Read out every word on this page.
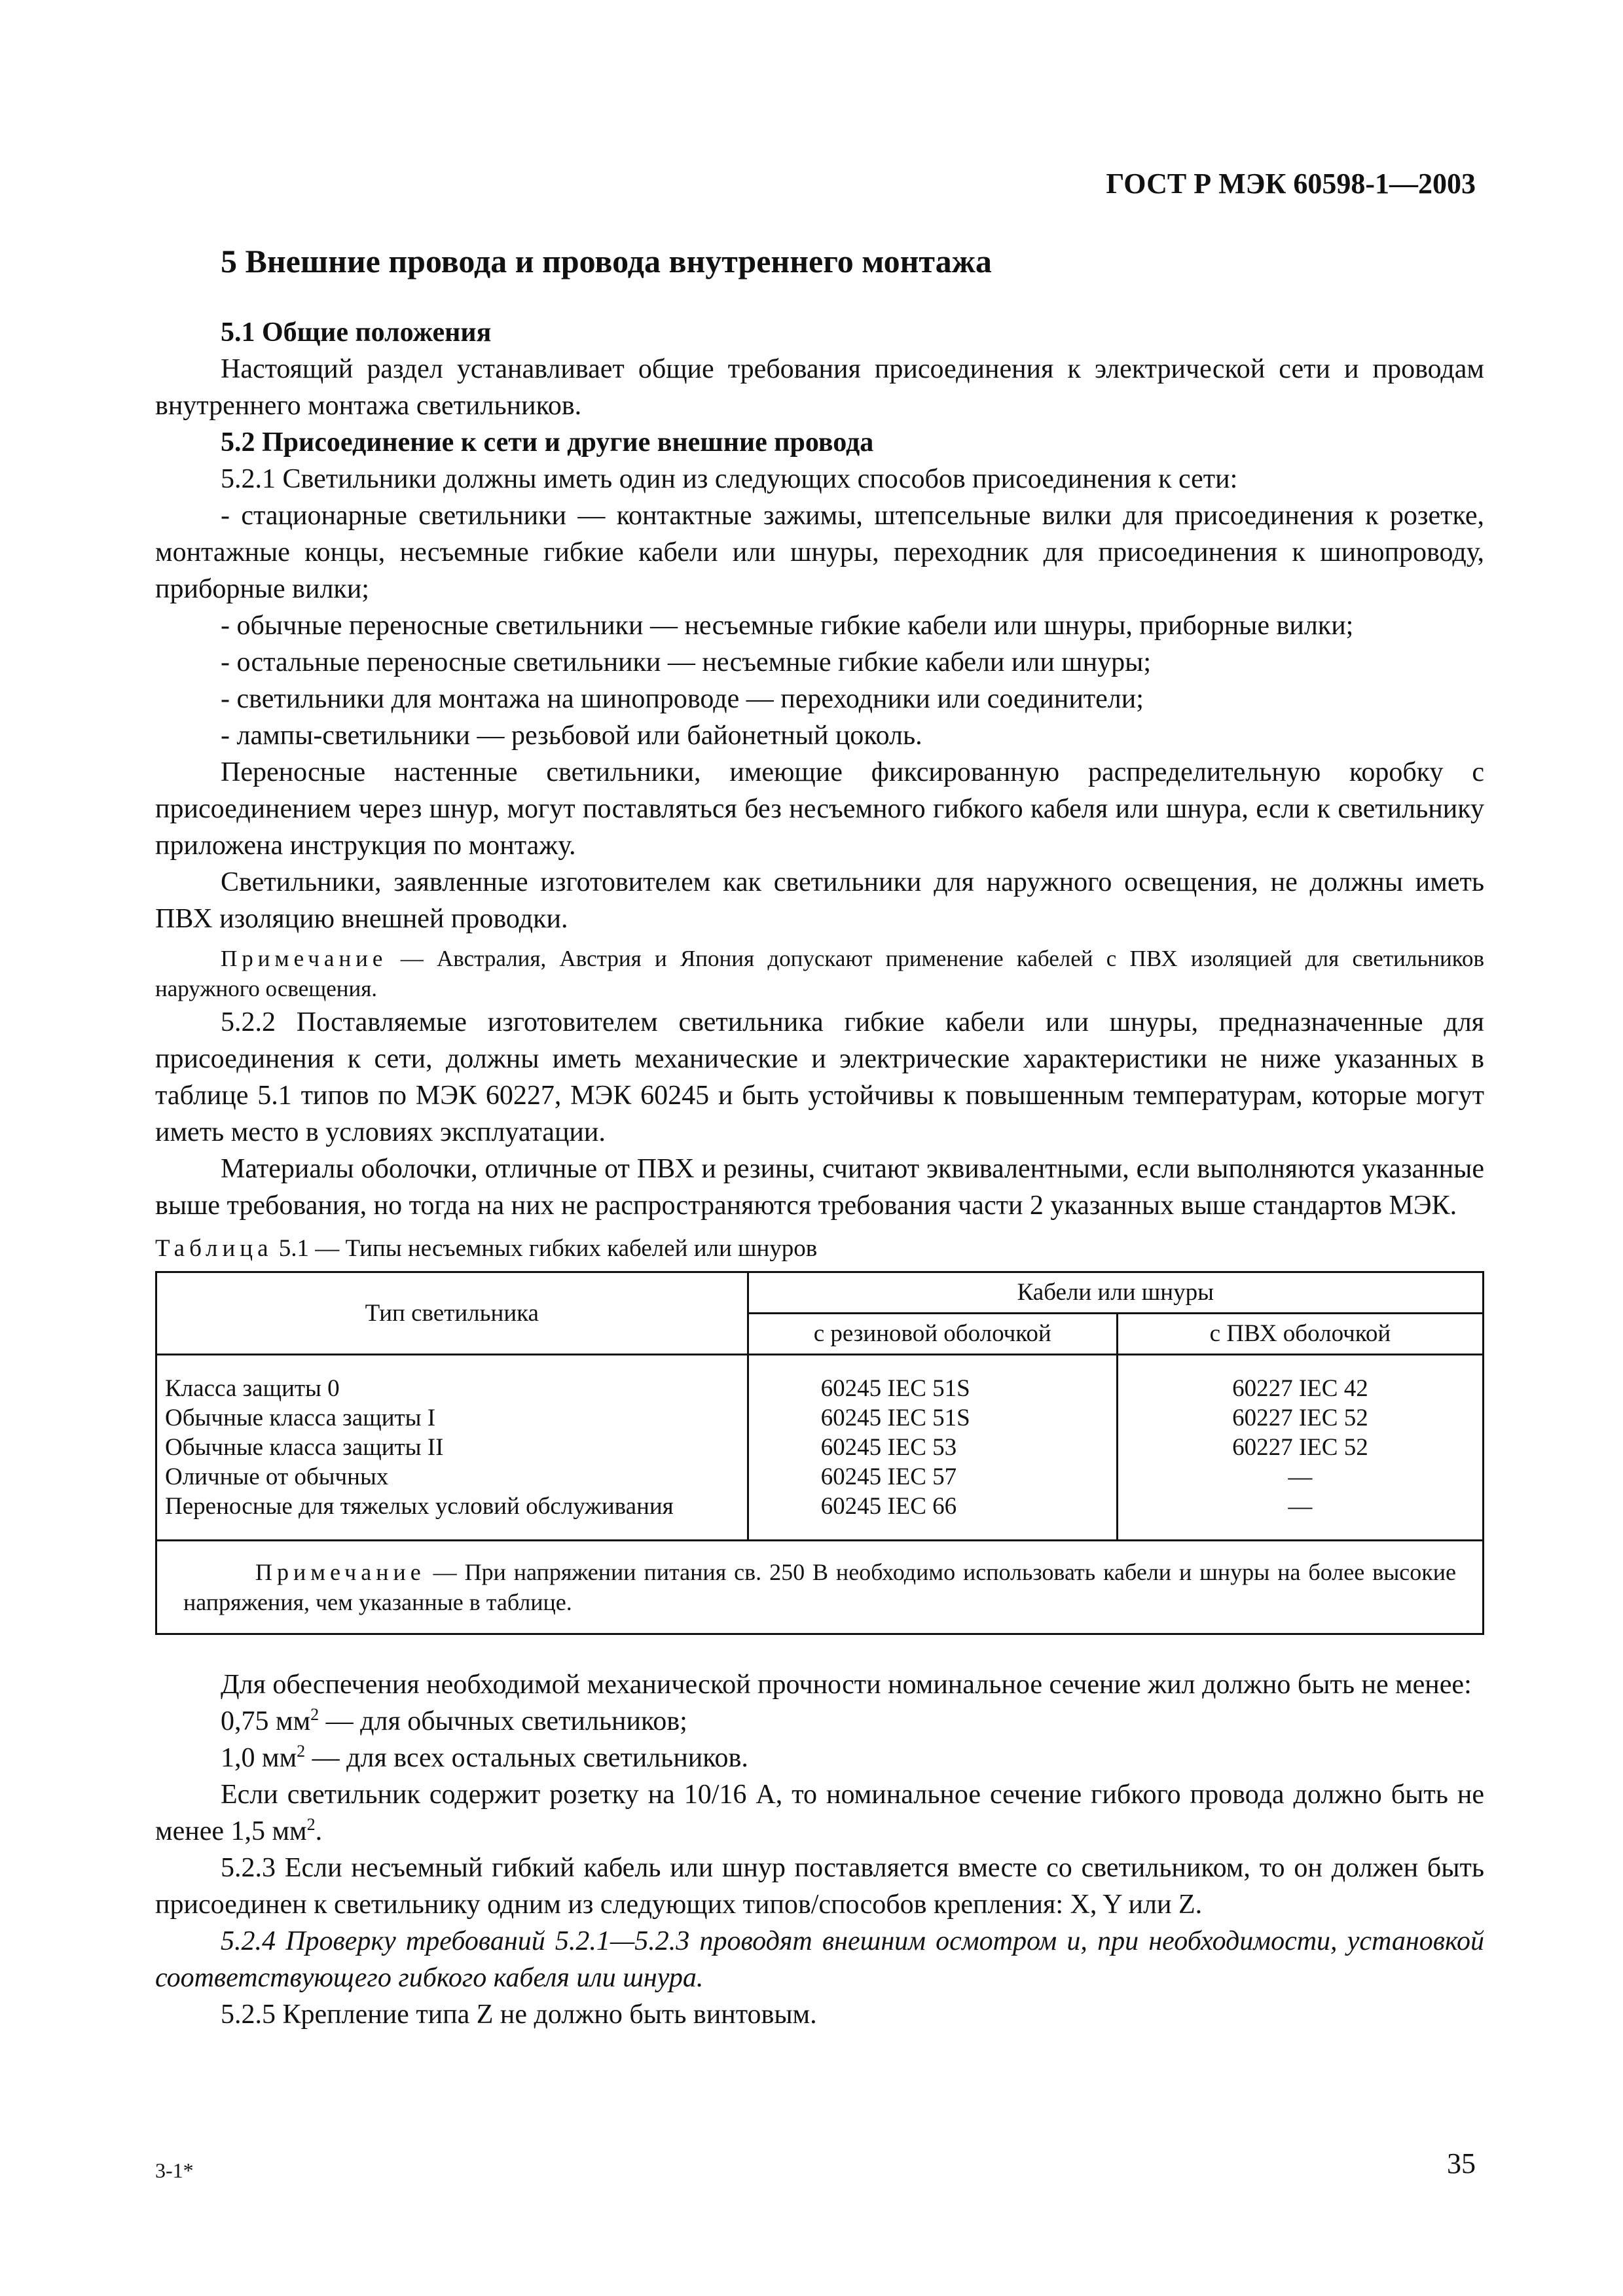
ГОСТ Р МЭК 60598-1—2003
5 Внешние провода и провода внутреннего монтажа

5.1 Общие положения

Настоящий раздел устанавливает общие требования присоединения к электрической сети и проводам внутреннего монтажа светильников.

5.2 Присоединение к сети и другие внешние провода

5.2.1 Светильники должны иметь один из следующих способов присоединения к сети:

- стационарные светильники — контактные зажимы, штепсельные вилки для присоединения к розетке, монтажные концы, несъемные гибкие кабели или шнуры, переходник для присоединения к шинопроводу, приборные вилки;

- обычные переносные светильники — несъемные гибкие кабели или шнуры, приборные вилки;

- остальные переносные светильники — несъемные гибкие кабели или шнуры;

- светильники для монтажа на шинопроводе — переходники или соединители;

- лампы-светильники — резьбовой или байонетный цоколь.

Переносные настенные светильники, имеющие фиксированную распределительную коробку с присоединением через шнур, могут поставляться без несъемного гибкого кабеля или шнура, если к светильнику приложена инструкция по монтажу.

Светильники, заявленные изготовителем как светильники для наружного освещения, не должны иметь ПВХ изоляцию внешней проводки.

Примечание — Австралия, Австрия и Япония допускают применение кабелей с ПВХ изоляцией для светильников наружного освещения.

5.2.2 Поставляемые изготовителем светильника гибкие кабели или шнуры, предназначенные для присоединения к сети, должны иметь механические и электрические характеристики не ниже указанных в таблице 5.1 типов по МЭК 60227, МЭК 60245 и быть устойчивы к повышенным температурам, которые могут иметь место в условиях эксплуатации.

Материалы оболочки, отличные от ПВХ и резины, считают эквивалентными, если выполняются указанные выше требования, но тогда на них не распространяются требования части 2 указанных выше стандартов МЭК.

Таблица 5.1 — Типы несъемных гибких кабелей или шнуров

Тип светильника	Кабели или шнуры	
	с резиновой оболочкой	с ПВХ оболочкой
Класса защиты 0	60245 IEC 51S	60227 IEC 42
Обычные класса защиты I	60245 IEC 51S	60227 IEC 52
Обычные класса защиты II	60245 IEC 53	60227 IEC 52
Оличные от обычных	60245 IEC 57	—
Переносные для тяжелых условий обслуживания	60245 IEC 66	—
Примечание — При напряжении питания св. 250 В необходимо использовать кабели и шнуры на более высокие напряжения, чем указанные в таблице.		

Для обеспечения необходимой механической прочности номинальное сечение жил должно быть не менее:

0,75 $мм^2$ — для обычных светильников;

1,0 $мм^2$ — для всех остальных светильников.

Если светильник содержит розетку на 10/16 А, то номинальное сечение гибкого провода должно быть не менее 1,5 $мм^2$.

5.2.3 Если несъемный гибкий кабель или шнур поставляется вместе со светильником, то он должен быть присоединен к светильнику одним из следующих типов/способов крепления: X, Y или Z.

5.2.4 Проверку требований 5.2.1—5.2.3 проводят внешним осмотром и, при необходимости, установкой соответствующего гибкого кабеля или шнура.

5.2.5 Крепление типа Z не должно быть винтовым.

3-1*	35
